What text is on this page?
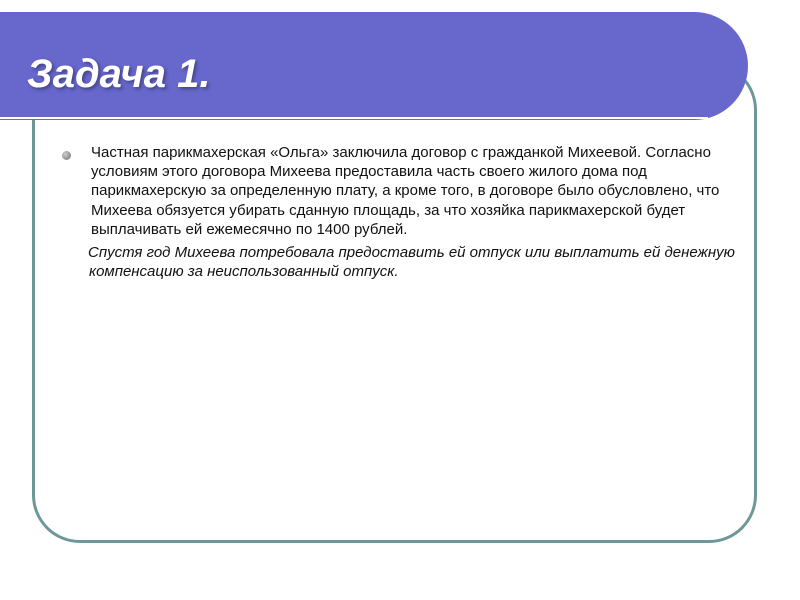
Задача 1.

Частная парикмахерская «Ольга» заключила договор с гражданкой Михеевой. Согласно условиям этого договора Михеева предоставила часть своего жилого дома под парикмахерскую за определенную плату, а кроме того, в договоре было обусловлено, что Михеева обязуется убирать сданную площадь, за что хозяйка парикмахерской будет выплачивать ей ежемесячно по 1400 рублей.

Спустя год Михеева потребовала предоставить ей отпуск или выплатить ей денежную компенсацию за неиспользованный отпуск.
